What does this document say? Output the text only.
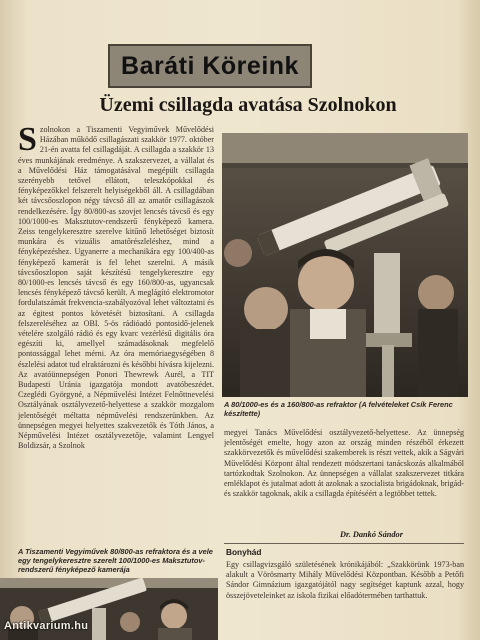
Baráti Köreink
Üzemi csillagda avatása Szolnokon
Szolnokon a Tiszamenti Vegyiművek Művelődési Házában működő csillagászati szakkör 1977. október 21-én avatta fel csillagdáját. A csillagda a szakkör 13 éves munkájának eredménye. A szakszervezet, a vállalat és a Művelődési Ház támogatásával megépült csillagda szerényebb tetővel ellátott, teleszkópokkal és fényképezőkkel felszerelt helyiségekből áll. A csillagdában két távcsőoszlopon négy távcső áll az amatőr csillagászok rendelkezésére. Így 80/800-as szovjet lencsés távcső és egy 100/1000-es Maksztutov-rendszerű fényképező kamera. Zeiss tengelykeresztre szerelve kitűnő lehetőséget biztosít munkára és vizuális amatőrészleléshez, mind a fényképezéshez. Ugyanerre a mechanikára egy 100/400-as fényképező kamerát is fel lehet szerelni. A másik távcsőoszlopon saját készítésű tengelykeresztre egy 80/1000-es lencsés távcső és egy 160/800-as, ugyancsak lencsés fényképező távcső került. A meglágító elektromotor fordulatszámát frekvencia-szabályozóval lehet változtatni és az égitest pontos követését biztosítani. A csillagda felszereléséhez az OBI. 5-ös rádióadó pontosidő-jelenek vételére szolgáló rádió és egy kvarc vezérlésű digitális óra egészíti ki, amellyel számadásoknak megfelelő pontossággal lehet mérni. Az óra memóriaegységében 8 észlelési adatot tud elraktározni és későbbi hívásra kijelezni. Az avatóünnepségen Ponori Thewrewk Aurél, a TIT Budapesti Uránia igazgatója mondott avatóbeszédet. Czeglédi Györgyné, a Népművelési Intézet Felnőttnevelési Osztályának osztályvezető-helyettese a szakkör mozgalom jelentőségét méltatta népművelési rendszerünkben. Az ünnepségen megyei helyettes szakvezetők és Tóth János, a Népművelési Intézet osztályvezetője, valamint Lengyel Boldizsár, a Szolnok
A 80/1000-es és a 160/800-as refraktor (A felvételeket Csík Ferenc készítette)
megyei Tanács Művelődési osztályvezető-helyettese. Az ünnepség jelentőségét emelte, hogy azon az ország minden részéből érkezett szakkörvezetők és művelődési szakemberek is részt vettek, akik a Ságvári Művelődési Központ által rendezett módszertani tanácskozás alkalmából tartózkodtak Szolnokon. Az ünnepségen a vállalat szakszervezet titkára emléklapot és jutalmat adott át azoknak a szocialista brigádoknak, brigád- és szakkör tagoknak, akik a csillagda építéséért a legtöbbet tettek.
Dr. Dankó Sándor
Bonyhád
Egy csillagvizsgáló születésének krónikájából: „Szakkörünk 1973-ban alakult a Vörösmarty Mihály Művelődési Központban. Később a Petőfi Sándor Gimnázium igazgatójától nagy segítséget kaptunk azzal, hogy összejöveteleinket az iskola fizikai előadótermében tarthattuk.
A Tiszamenti Vegyiművek 80/800-as refraktora és a vele egy tengelykeresztre szerelt 100/1000-es Maksztutov-rendszerű fényképező kamerája
Antikvarium.hu
